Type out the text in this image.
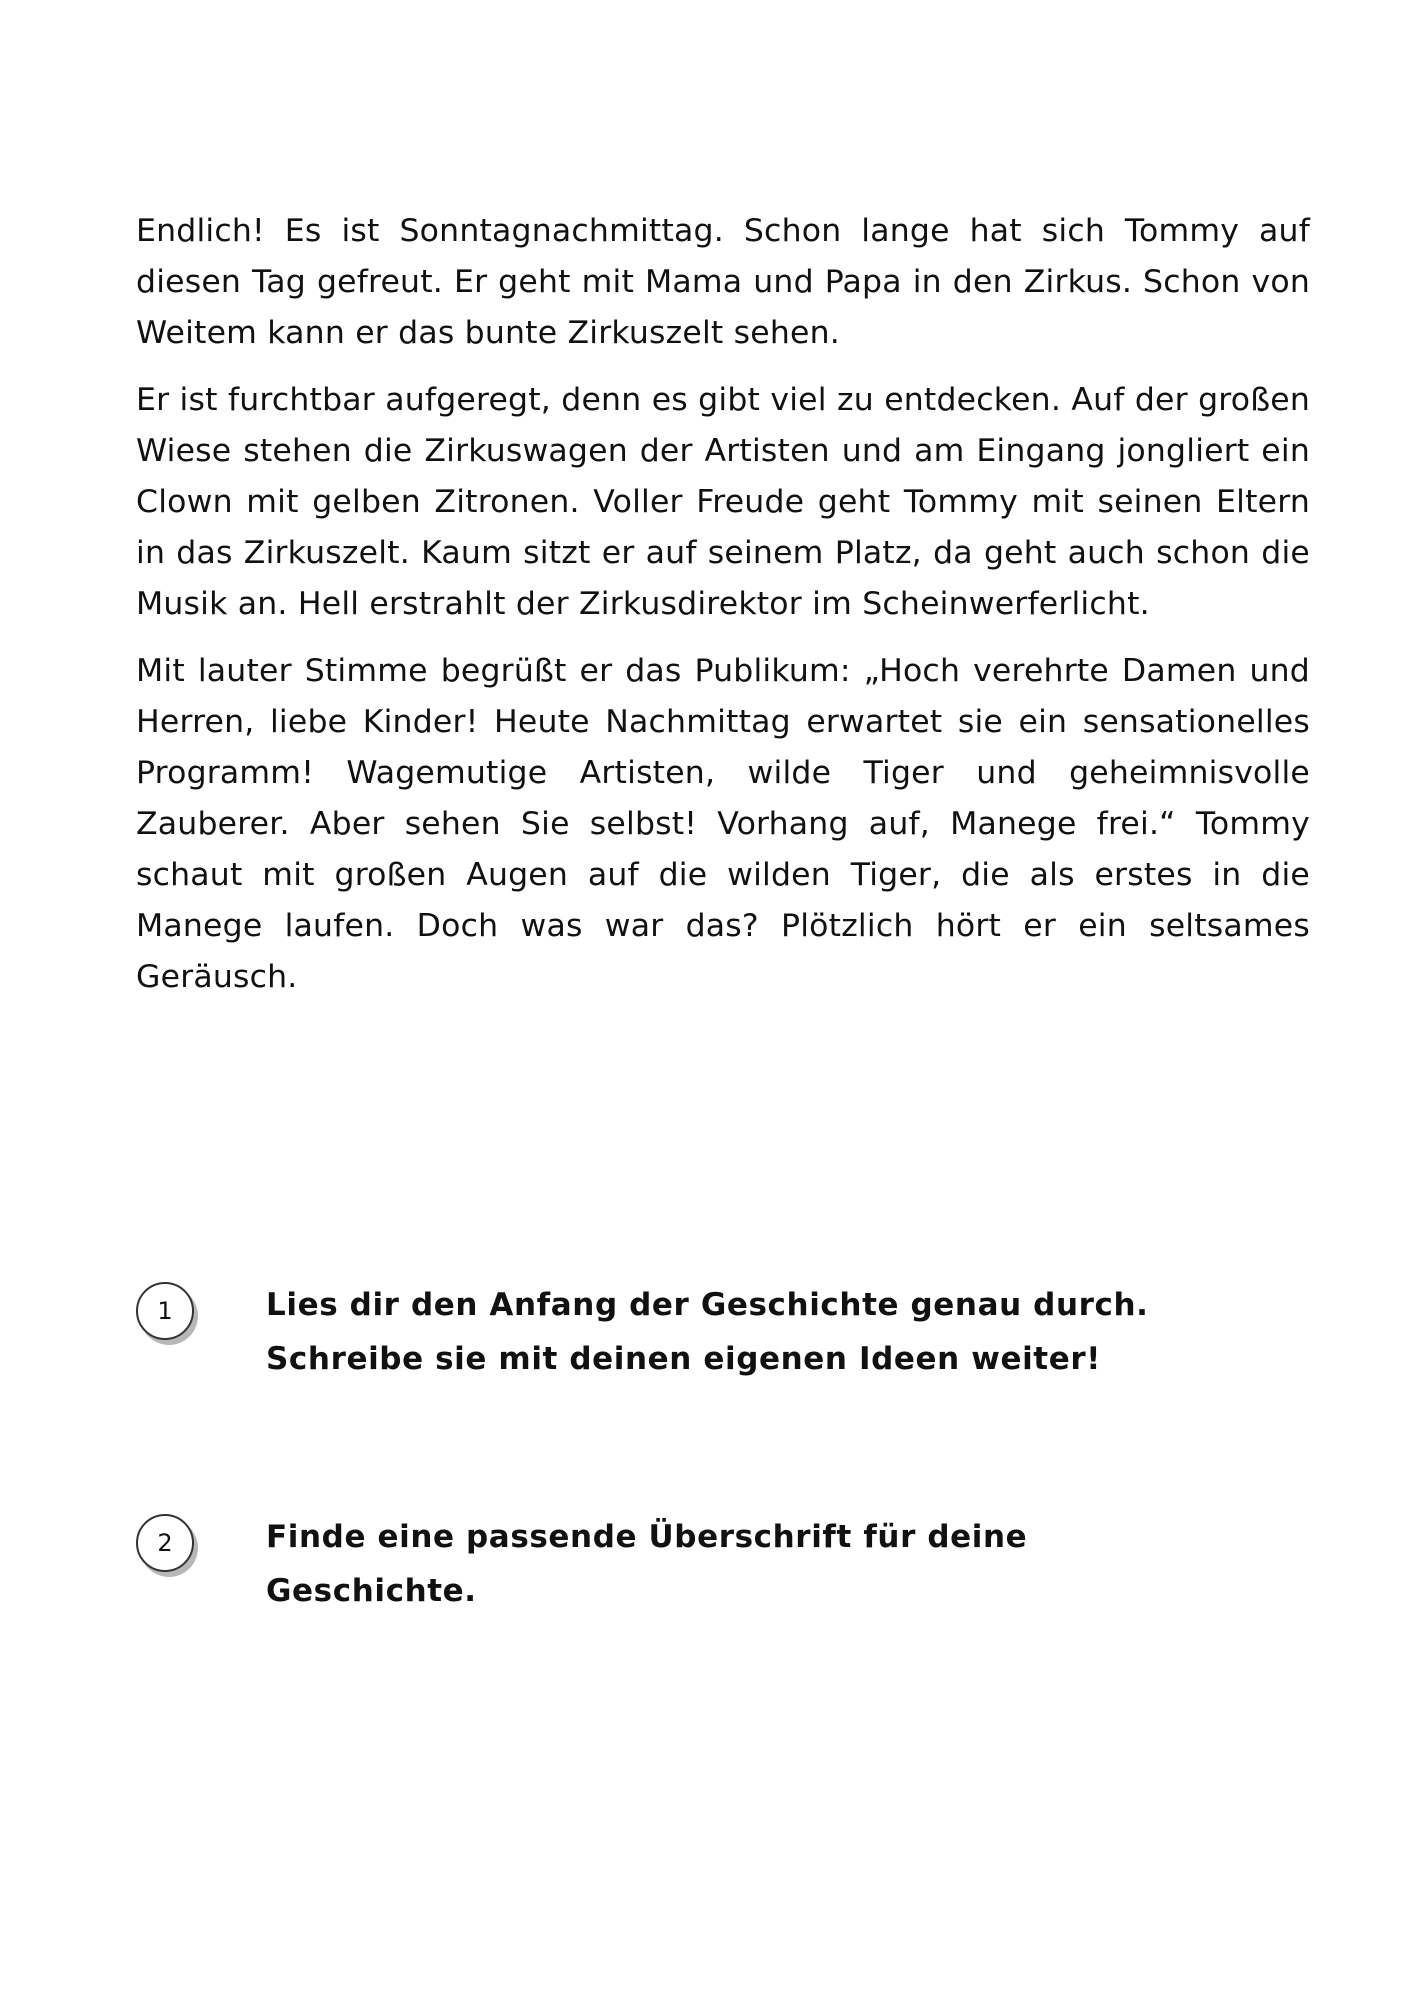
Endlich! Es ist Sonntagnachmittag. Schon lange hat sich Tommy auf diesen Tag gefreut. Er geht mit Mama und Papa in den Zirkus. Schon von Weitem kann er das bunte Zirkuszelt sehen.

Er ist furchtbar aufgeregt, denn es gibt viel zu entdecken. Auf der großen Wiese stehen die Zirkuswagen der Artisten und am Eingang jongliert ein Clown mit gelben Zitronen. Voller Freude geht Tommy mit seinen Eltern in das Zirkuszelt. Kaum sitzt er auf seinem Platz, da geht auch schon die Musik an. Hell erstrahlt der Zirkusdirektor im Scheinwerferlicht.

Mit lauter Stimme begrüßt er das Publikum: „Hoch verehrte Damen und Herren, liebe Kinder! Heute Nachmittag erwartet sie ein sensationelles Programm! Wagemutige Artisten, wilde Tiger und geheimnisvolle Zauberer. Aber sehen Sie selbst! Vorhang auf, Manege frei.“ Tommy schaut mit großen Augen auf die wilden Tiger, die als erstes in die Manege laufen. Doch was war das? Plötzlich hört er ein seltsames Geräusch.

1	Lies dir den Anfang der Geschichte genau durch.
Schreibe sie mit deinen eigenen Ideen weiter!
2	Finde eine passende Überschrift für deine
Geschichte.
